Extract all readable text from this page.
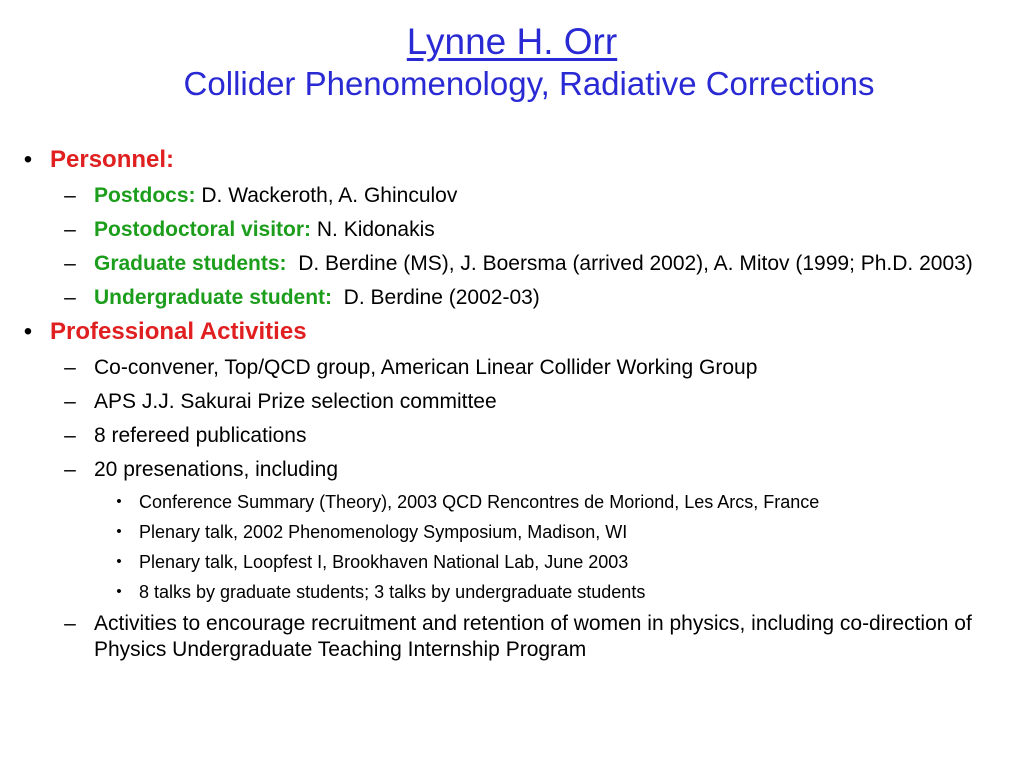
Lynne H. Orr
Collider Phenomenology, Radiative Corrections
• Personnel:
– Postdocs: D. Wackeroth, A. Ghinculov
– Postodoctoral visitor: N. Kidonakis
– Graduate students:  D. Berdine (MS), J. Boersma (arrived 2002), A. Mitov (1999; Ph.D. 2003)
– Undergraduate student:  D. Berdine (2002-03)
• Professional Activities
– Co-convener, Top/QCD group, American Linear Collider Working Group
– APS J.J. Sakurai Prize selection committee
– 8 refereed publications
– 20 presenations, including
• Conference Summary (Theory), 2003 QCD Rencontres de Moriond, Les Arcs, France
• Plenary talk, 2002 Phenomenology Symposium, Madison, WI
• Plenary talk, Loopfest I, Brookhaven National Lab, June 2003
• 8 talks by graduate students; 3 talks by undergraduate students
– Activities to encourage recruitment and retention of women in physics, including co-direction of Physics Undergraduate Teaching Internship Program
